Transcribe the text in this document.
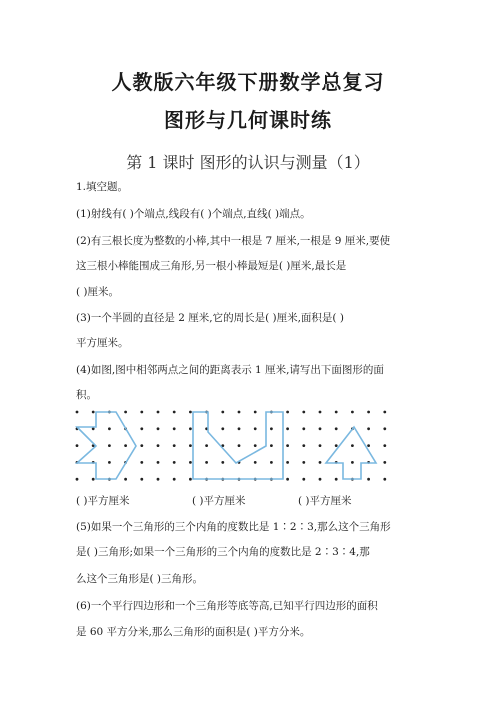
人教版六年级下册数学总复习
图形与几何课时练
第 1 课时 图形的认识与测量（1）
1.填空题。
(1)射线有( )个端点,线段有( )个端点,直线( )端点。
(2)有三根长度为整数的小棒,其中一根是 7 厘米,一根是 9 厘米,要使
这三根小棒能围成三角形,另一根小棒最短是( )厘米,最长是
( )厘米。
(3)一个半圆的直径是 2 厘米,它的周长是( )厘米,面积是( )
平方厘米。
(4)如图,图中相邻两点之间的距离表示 1 厘米,请写出下面图形的面
积。
( )平方厘米	( )平方厘米	( )平方厘米
(5)如果一个三角形的三个内角的度数比是 1∶2∶3,那么这个三角形
是( )三角形;如果一个三角形的三个内角的度数比是 2∶3∶4,那
么这个三角形是( )三角形。
(6)一个平行四边形和一个三角形等底等高,已知平行四边形的面积
是 60 平方分米,那么三角形的面积是( )平方分米。
